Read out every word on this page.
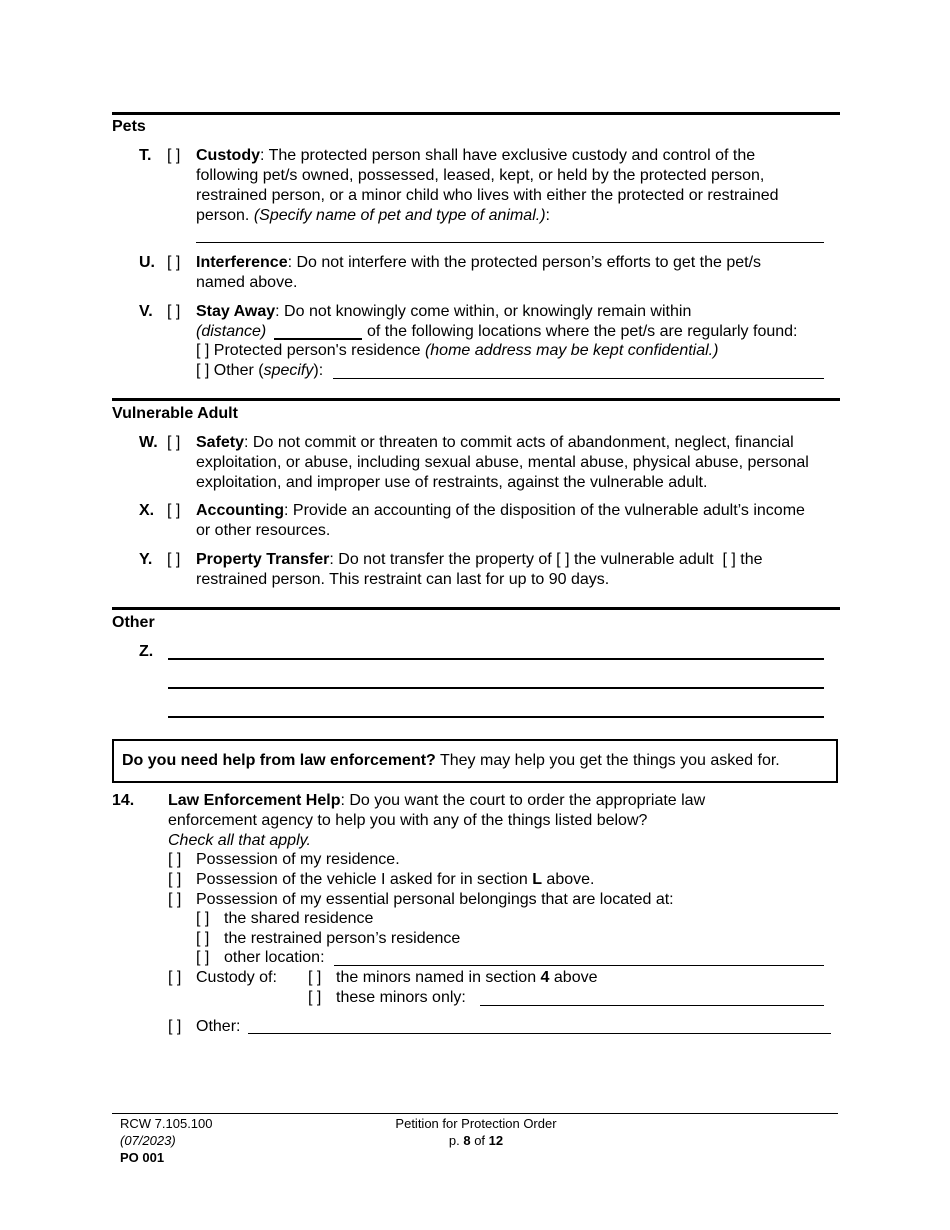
Pets
T. [ ] Custody: The protected person shall have exclusive custody and control of the
following pet/s owned, possessed, leased, kept, or held by the protected person,
restrained person, or a minor child who lives with either the protected or restrained
person. (Specify name of pet and type of animal.):
U. [ ] Interference: Do not interfere with the protected person’s efforts to get the pet/s
named above.
V. [ ] Stay Away: Do not knowingly come within, or knowingly remain within
(distance)	of the following locations where the pet/s are regularly found:
[ ] Protected person's residence (home address may be kept confidential.)
[ ] Other (specify):
Vulnerable Adult
W. [ ] Safety: Do not commit or threaten to commit acts of abandonment, neglect, financial
exploitation, or abuse, including sexual abuse, mental abuse, physical abuse, personal
exploitation, and improper use of restraints, against the vulnerable adult.
X. [ ] Accounting: Provide an accounting of the disposition of the vulnerable adult’s income
or other resources.
Y. [ ] Property Transfer: Do not transfer the property of [ ] the vulnerable adult  [ ] the
restrained person. This restraint can last for up to 90 days.
Other
Z.
Do you need help from law enforcement? They may help you get the things you asked for.
14. Law Enforcement Help: Do you want the court to order the appropriate law
enforcement agency to help you with any of the things listed below?
Check all that apply.
[ ] Possession of my residence.
[ ] Possession of the vehicle I asked for in section L above.
[ ] Possession of my essential personal belongings that are located at:
[ ] the shared residence
[ ] the restrained person’s residence
[ ] other location:
[ ] Custody of: [ ] the minors named in section 4 above
[ ] these minors only:
[ ] Other:
RCW 7.105.100
(07/2023)
PO 001
Petition for Protection Order
p. 8 of 12
